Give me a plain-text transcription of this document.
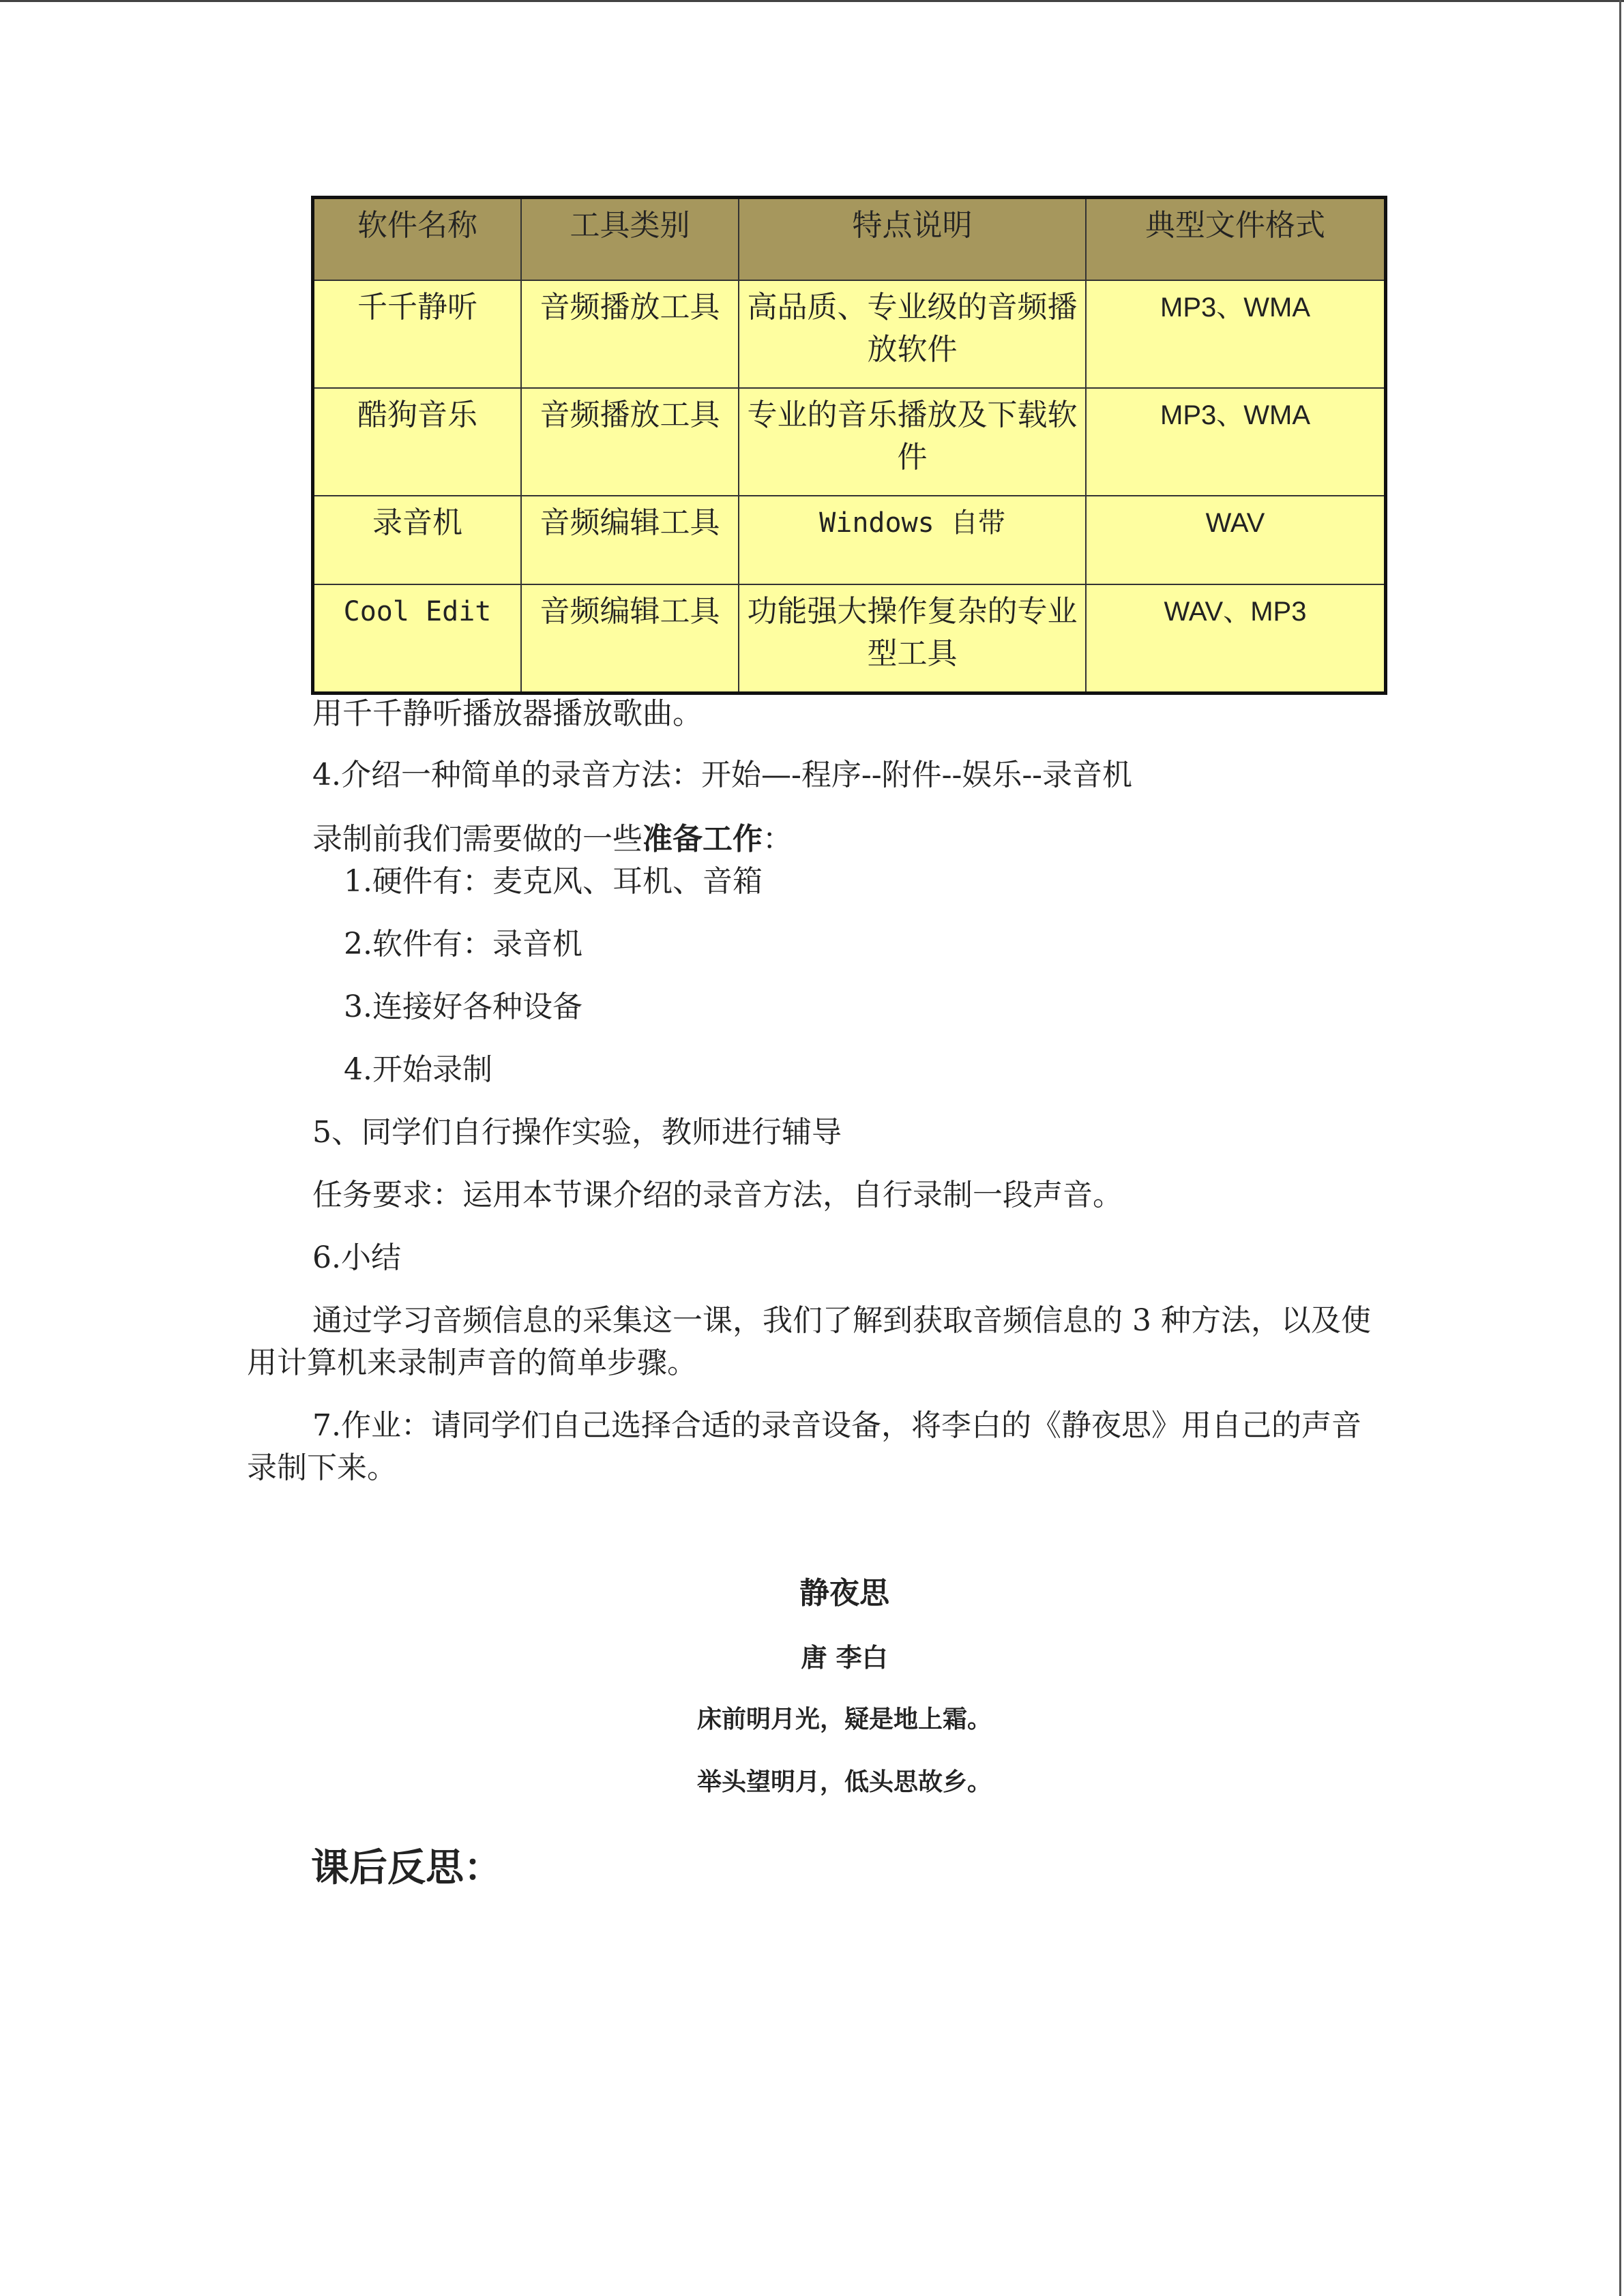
软件名称	工具类别	特点说明	典型文件格式
千千静听	音频播放工具	高品质、专业级的音频播放软件	MP3、WMA
酷狗音乐	音频播放工具	专业的音乐播放及下载软件	MP3、WMA
录音机	音频编辑工具	Windows 自带	WAV
Cool Edit	音频编辑工具	功能强大操作复杂的专业型工具	WAV、MP3
用千千静听播放器播放歌曲。
4.介绍一种简单的录音方法：开始—-程序--附件--娱乐--录音机
录制前我们需要做的一些准备工作：
1.硬件有：麦克风、耳机、音箱
2.软件有：录音机
3.连接好各种设备
4.开始录制
5、同学们自行操作实验，教师进行辅导
任务要求：运用本节课介绍的录音方法，自行录制一段声音。
6.小结
通过学习音频信息的采集这一课，我们了解到获取音频信息的 3 种方法，以及使用计算机来录制声音的简单步骤。
7.作业：请同学们自己选择合适的录音设备，将李白的《静夜思》用自己的声音录制下来。
静夜思
唐 李白
床前明月光，疑是地上霜。
举头望明月，低头思故乡。
课后反思：
